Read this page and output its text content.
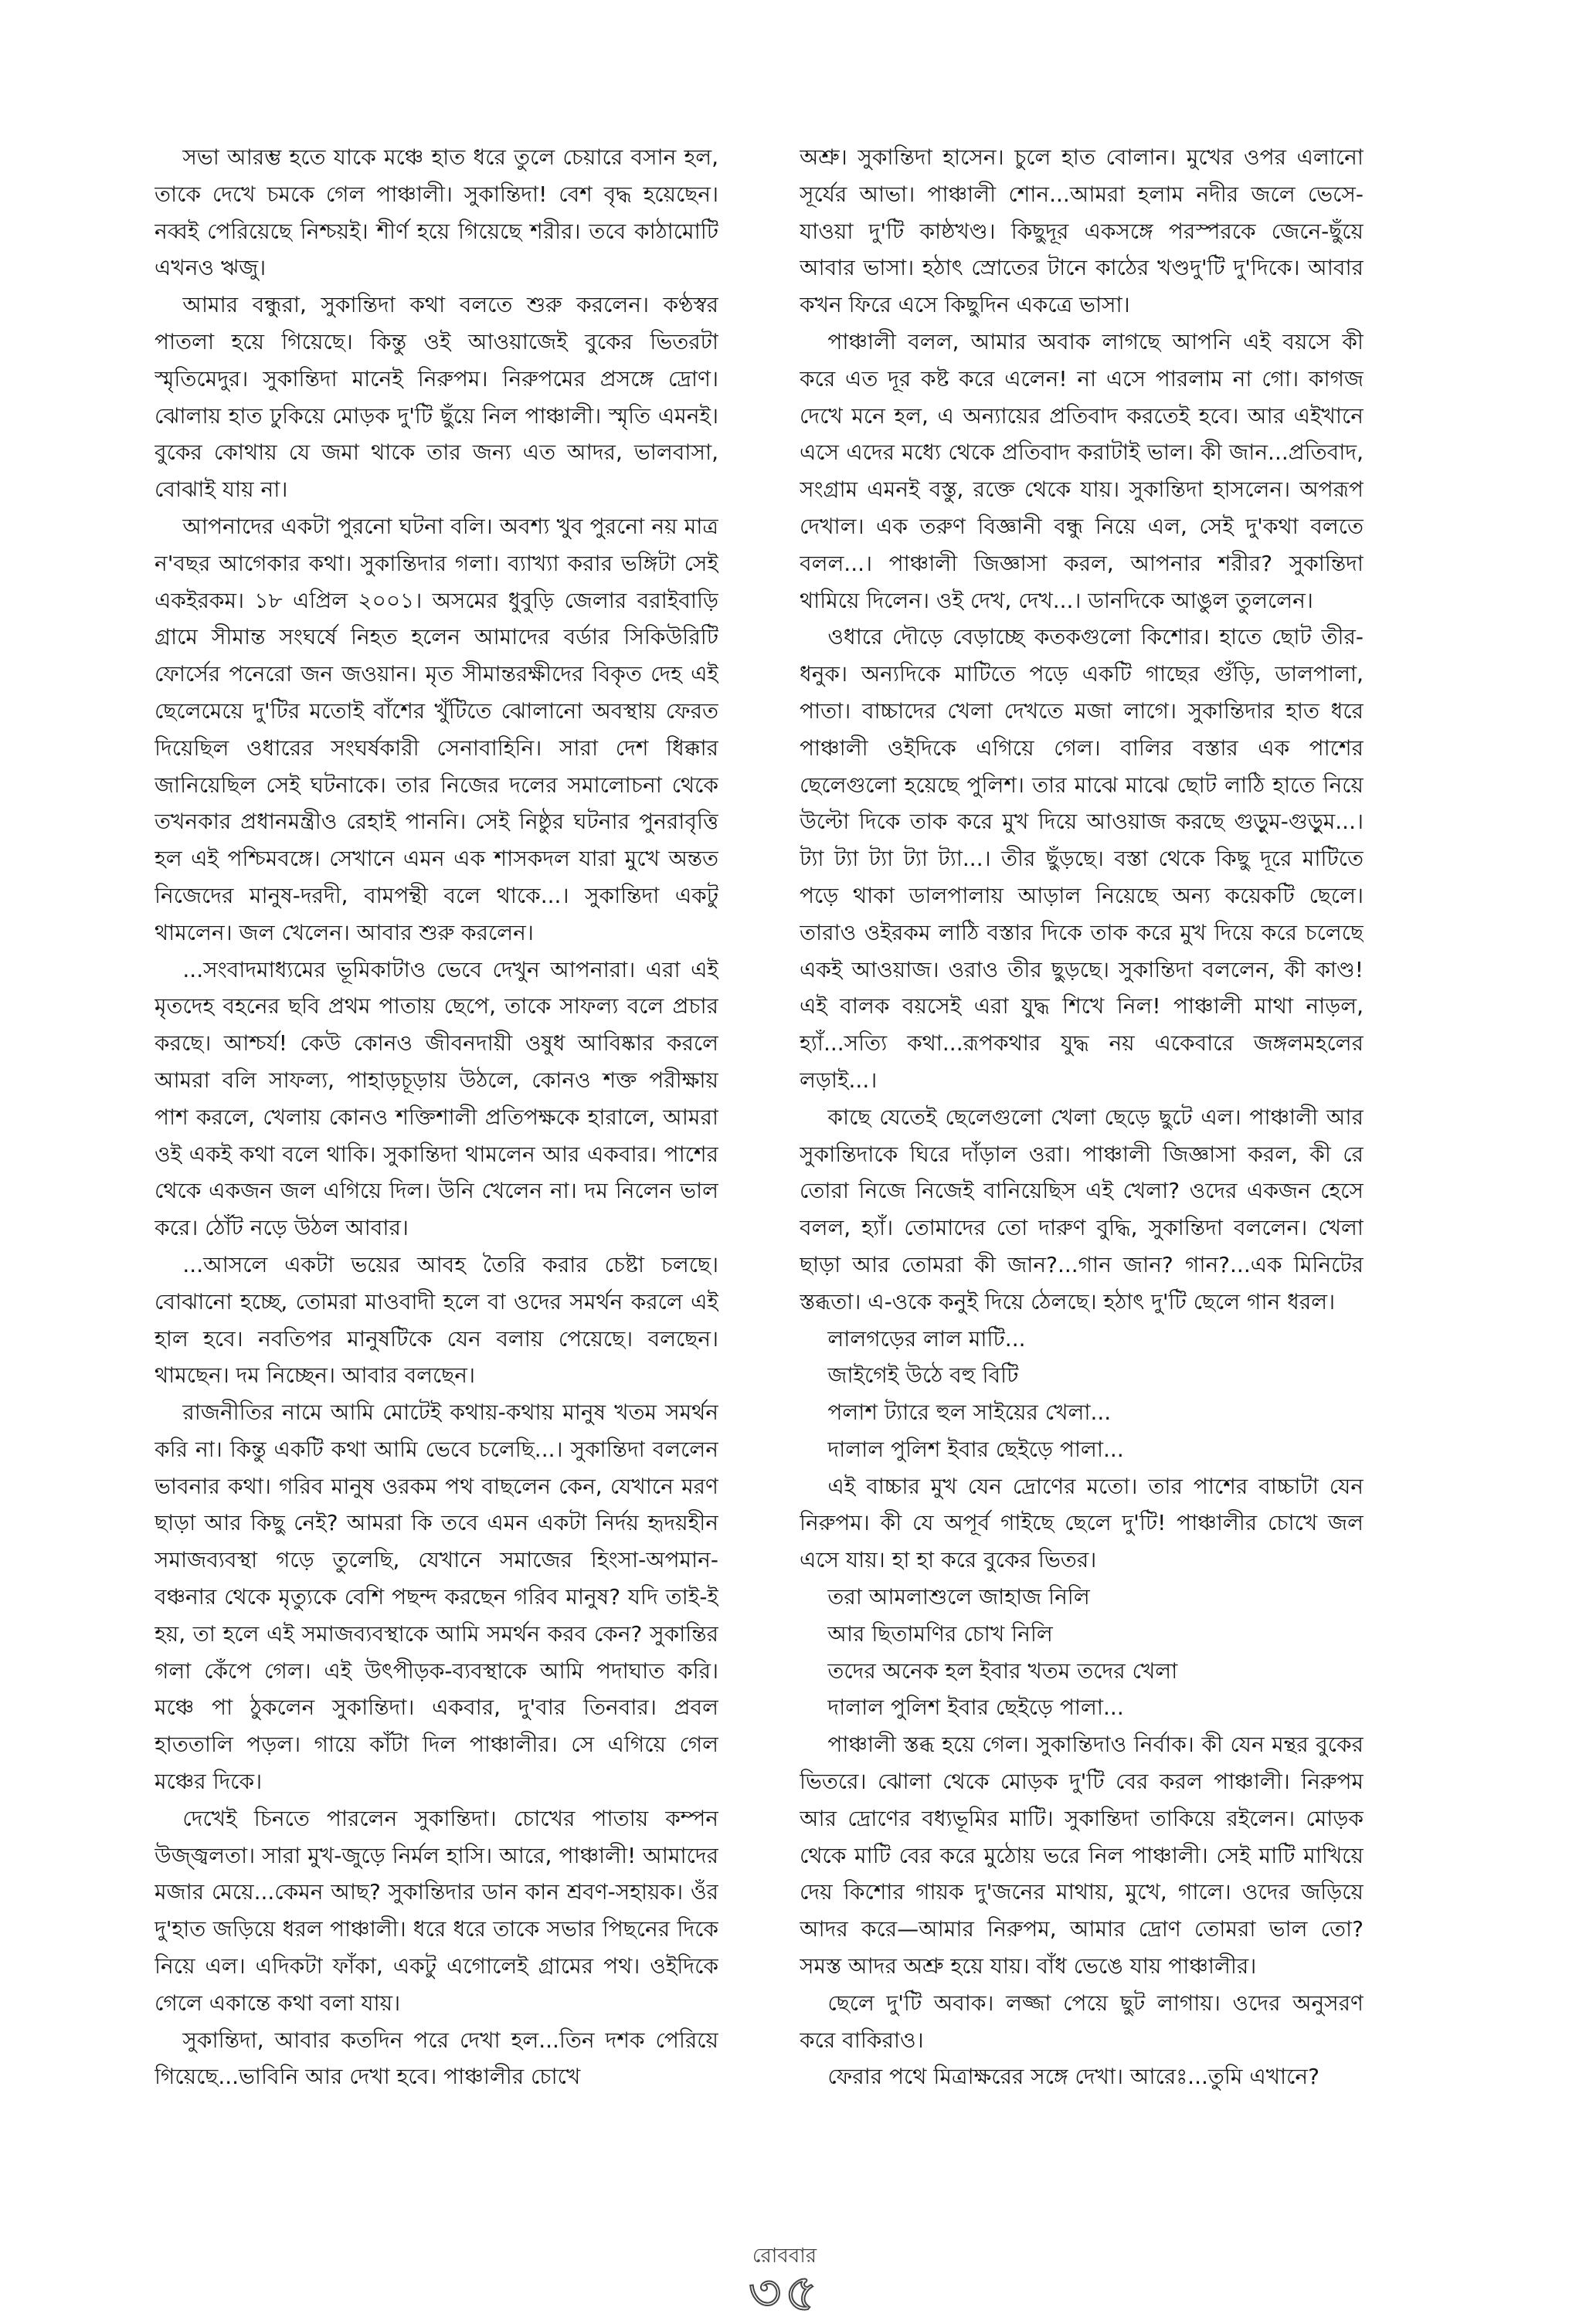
সভা আরম্ভ হতে যাকে মঞ্চে হাত ধরে তুলে চেয়ারে বসান হল, তাকে দেখে চমকে গেল পাঞ্চালী। সুকান্তিদা! বেশ বৃদ্ধ হয়েছেন। নব্বই পেরিয়েছে নিশ্চয়ই। শীর্ণ হয়ে গিয়েছে শরীর। তবে কাঠামোটি এখনও ঋজু।

আমার বন্ধুরা, সুকান্তিদা কথা বলতে শুরু করলেন। কণ্ঠস্বর পাতলা হয়ে গিয়েছে। কিন্তু ওই আওয়াজেই বুকের ভিতরটা স্মৃতিমেদুর। সুকান্তিদা মানেই নিরুপম। নিরুপমের প্রসঙ্গে দ্রোণ। ঝোলায় হাত ঢুকিয়ে মোড়ক দু'টি ছুঁয়ে নিল পাঞ্চালী। স্মৃতি এমনই। বুকের কোথায় যে জমা থাকে তার জন্য এত আদর, ভালবাসা, বোঝাই যায় না।

আপনাদের একটা পুরনো ঘটনা বলি। অবশ্য খুব পুরনো নয় মাত্র ন'বছর আগেকার কথা। সুকান্তিদার গলা। ব্যাখ্যা করার ভঙ্গিটা সেই একইরকম। ১৮ এপ্রিল ২০০১। অসমের ধুবুড়ি জেলার বরাইবাড়ি গ্রামে সীমান্ত সংঘর্ষে নিহত হলেন আমাদের বর্ডার সিকিউরিটি ফোর্সের পনেরো জন জওয়ান। মৃত সীমান্তরক্ষীদের বিকৃত দেহ এই ছেলেমেয়ে দু'টির মতোই বাঁশের খুঁটিতে ঝোলানো অবস্থায় ফেরত দিয়েছিল ওধারের সংঘর্ষকারী সেনাবাহিনি। সারা দেশ ধিক্কার জানিয়েছিল সেই ঘটনাকে। তার নিজের দলের সমালোচনা থেকে তখনকার প্রধানমন্ত্রীও রেহাই পাননি। সেই নিষ্ঠুর ঘটনার পুনরাবৃত্তি হল এই পশ্চিমবঙ্গে। সেখানে এমন এক শাসকদল যারা মুখে অন্তত নিজেদের মানুষ-দরদী, বামপন্থী বলে থাকে...। সুকান্তিদা একটু থামলেন। জল খেলেন। আবার শুরু করলেন।

...সংবাদমাধ্যমের ভূমিকাটাও ভেবে দেখুন আপনারা। এরা এই মৃতদেহ বহনের ছবি প্রথম পাতায় ছেপে, তাকে সাফল্য বলে প্রচার করছে। আশ্চর্য! কেউ কোনও জীবনদায়ী ওষুধ আবিষ্কার করলে আমরা বলি সাফল্য, পাহাড়চূড়ায় উঠলে, কোনও শক্ত পরীক্ষায় পাশ করলে, খেলায় কোনও শক্তিশালী প্রতিপক্ষকে হারালে, আমরা ওই একই কথা বলে থাকি। সুকান্তিদা থামলেন আর একবার। পাশের থেকে একজন জল এগিয়ে দিল। উনি খেলেন না। দম নিলেন ভাল করে। ঠোঁট নড়ে উঠল আবার।

...আসলে একটা ভয়ের আবহ তৈরি করার চেষ্টা চলছে। বোঝানো হচ্ছে, তোমরা মাওবাদী হলে বা ওদের সমর্থন করলে এই হাল হবে। নবতিপর মানুষটিকে যেন বলায় পেয়েছে। বলছেন। থামছেন। দম নিচ্ছেন। আবার বলছেন।

রাজনীতির নামে আমি মোটেই কথায়-কথায় মানুষ খতম সমর্থন করি না। কিন্তু একটি কথা আমি ভেবে চলেছি...। সুকান্তিদা বললেন ভাবনার কথা। গরিব মানুষ ওরকম পথ বাছলেন কেন, যেখানে মরণ ছাড়া আর কিছু নেই? আমরা কি তবে এমন একটা নির্দয় হৃদয়হীন সমাজব্যবস্থা গড়ে তুলেছি, যেখানে সমাজের হিংসা-অপমান-বঞ্চনার থেকে মৃত্যুকে বেশি পছন্দ করছেন গরিব মানুষ? যদি তাই-ই হয়, তা হলে এই সমাজব্যবস্থাকে আমি সমর্থন করব কেন? সুকান্তির গলা কেঁপে গেল। এই উৎপীড়ক-ব্যবস্থাকে আমি পদাঘাত করি। মঞ্চে পা ঠুকলেন সুকান্তিদা। একবার, দু'বার তিনবার। প্রবল হাততালি পড়ল। গায়ে কাঁটা দিল পাঞ্চালীর। সে এগিয়ে গেল মঞ্চের দিকে।

দেখেই চিনতে পারলেন সুকান্তিদা। চোখের পাতায় কম্পন উজ্জ্বলতা। সারা মুখ-জুড়ে নির্মল হাসি। আরে, পাঞ্চালী! আমাদের মজার মেয়ে...কেমন আছ? সুকান্তিদার ডান কান শ্রবণ-সহায়ক। ওঁর দু'হাত জড়িয়ে ধরল পাঞ্চালী। ধরে ধরে তাকে সভার পিছনের দিকে নিয়ে এল। এদিকটা ফাঁকা, একটু এগোলেই গ্রামের পথ। ওইদিকে গেলে একান্তে কথা বলা যায়।

সুকান্তিদা, আবার কতদিন পরে দেখা হল...তিন দশক পেরিয়ে গিয়েছে...ভাবিনি আর দেখা হবে। পাঞ্চালীর চোখে

অশ্রু। সুকান্তিদা হাসেন। চুলে হাত বোলান। মুখের ওপর এলানো সূর্যের আভা। পাঞ্চালী শোন...আমরা হলাম নদীর জলে ভেসে-যাওয়া দু'টি কাষ্ঠখণ্ড। কিছুদূর একসঙ্গে পরস্পরকে জেনে-ছুঁয়ে আবার ভাসা। হঠাৎ স্রোতের টানে কাঠের খণ্ডদু'টি দু'দিকে। আবার কখন ফিরে এসে কিছুদিন একত্রে ভাসা।

পাঞ্চালী বলল, আমার অবাক লাগছে আপনি এই বয়সে কী করে এত দূর কষ্ট করে এলেন! না এসে পারলাম না গো। কাগজ দেখে মনে হল, এ অন্যায়ের প্রতিবাদ করতেই হবে। আর এইখানে এসে এদের মধ্যে থেকে প্রতিবাদ করাটাই ভাল। কী জান...প্রতিবাদ, সংগ্রাম এমনই বস্তু, রক্তে থেকে যায়। সুকান্তিদা হাসলেন। অপরূপ দেখাল। এক তরুণ বিজ্ঞানী বন্ধু নিয়ে এল, সেই দু'কথা বলতে বলল...। পাঞ্চালী জিজ্ঞাসা করল, আপনার শরীর? সুকান্তিদা থামিয়ে দিলেন। ওই দেখ, দেখ...। ডানদিকে আঙুল তুললেন।

ওধারে দৌড়ে বেড়াচ্ছে কতকগুলো কিশোর। হাতে ছোট তীর-ধনুক। অন্যদিকে মাটিতে পড়ে একটি গাছের গুঁড়ি, ডালপালা, পাতা। বাচ্চাদের খেলা দেখতে মজা লাগে। সুকান্তিদার হাত ধরে পাঞ্চালী ওইদিকে এগিয়ে গেল। বালির বস্তার এক পাশের ছেলেগুলো হয়েছে পুলিশ। তার মাঝে মাঝে ছোট লাঠি হাতে নিয়ে উল্টো দিকে তাক করে মুখ দিয়ে আওয়াজ করছে গুড়ুম-গুড়ুম...। ট্যা ট্যা ট্যা ট্যা ট্যা...। তীর ছুঁড়ছে। বস্তা থেকে কিছু দূরে মাটিতে পড়ে থাকা ডালপালায় আড়াল নিয়েছে অন্য কয়েকটি ছেলে। তারাও ওইরকম লাঠি বস্তার দিকে তাক করে মুখ দিয়ে করে চলেছে একই আওয়াজ। ওরাও তীর ছুড়ছে। সুকান্তিদা বললেন, কী কাণ্ড! এই বালক বয়সেই এরা যুদ্ধ শিখে নিল! পাঞ্চালী মাথা নাড়ল, হ্যাঁ...সত্যি কথা...রূপকথার যুদ্ধ নয় একেবারে জঙ্গলমহলের লড়াই...।

কাছে যেতেই ছেলেগুলো খেলা ছেড়ে ছুটে এল। পাঞ্চালী আর সুকান্তিদাকে ঘিরে দাঁড়াল ওরা। পাঞ্চালী জিজ্ঞাসা করল, কী রে তোরা নিজে নিজেই বানিয়েছিস এই খেলা? ওদের একজন হেসে বলল, হ্যাঁ। তোমাদের তো দারুণ বুদ্ধি, সুকান্তিদা বললেন। খেলা ছাড়া আর তোমরা কী জান?...গান জান? গান?...এক মিনিটের স্তব্ধতা। এ-ওকে কনুই দিয়ে ঠেলছে। হঠাৎ দু'টি ছেলে গান ধরল।

লালগড়ের লাল মাটি...
জাইগেই উঠে বহু বিটি
পলাশ ট্যারে হুল সাইয়ের খেলা...
দালাল পুলিশ ইবার ছেইড়ে পালা...

এই বাচ্চার মুখ যেন দ্রোণের মতো। তার পাশের বাচ্চাটা যেন নিরুপম। কী যে অপূর্ব গাইছে ছেলে দু'টি! পাঞ্চালীর চোখে জল এসে যায়। হা হা করে বুকের ভিতর।

তরা আমলাশুলে জাহাজ নিলি
আর ছিতামণির চোখ নিলি
তদের অনেক হল ইবার খতম তদের খেলা
দালাল পুলিশ ইবার ছেইড়ে পালা...

পাঞ্চালী স্তব্ধ হয়ে গেল। সুকান্তিদাও নির্বাক। কী যেন মন্থর বুকের ভিতরে। ঝোলা থেকে মোড়ক দু'টি বের করল পাঞ্চালী। নিরুপম আর দ্রোণের বধ্যভূমির মাটি। সুকান্তিদা তাকিয়ে রইলেন। মোড়ক থেকে মাটি বের করে মুঠোয় ভরে নিল পাঞ্চালী। সেই মাটি মাখিয়ে দেয় কিশোর গায়ক দু'জনের মাথায়, মুখে, গালে। ওদের জড়িয়ে আদর করে—আমার নিরুপম, আমার দ্রোণ তোমরা ভাল তো? সমস্ত আদর অশ্রু হয়ে যায়। বাঁধ ভেঙে যায় পাঞ্চালীর।

ছেলে দু'টি অবাক। লজ্জা পেয়ে ছুট লাগায়। ওদের অনুসরণ করে বাকিরাও।

ফেরার পথে মিত্রাক্ষরের সঙ্গে দেখা। আরেঃ...তুমি এখানে?

রোববার
৩৫
